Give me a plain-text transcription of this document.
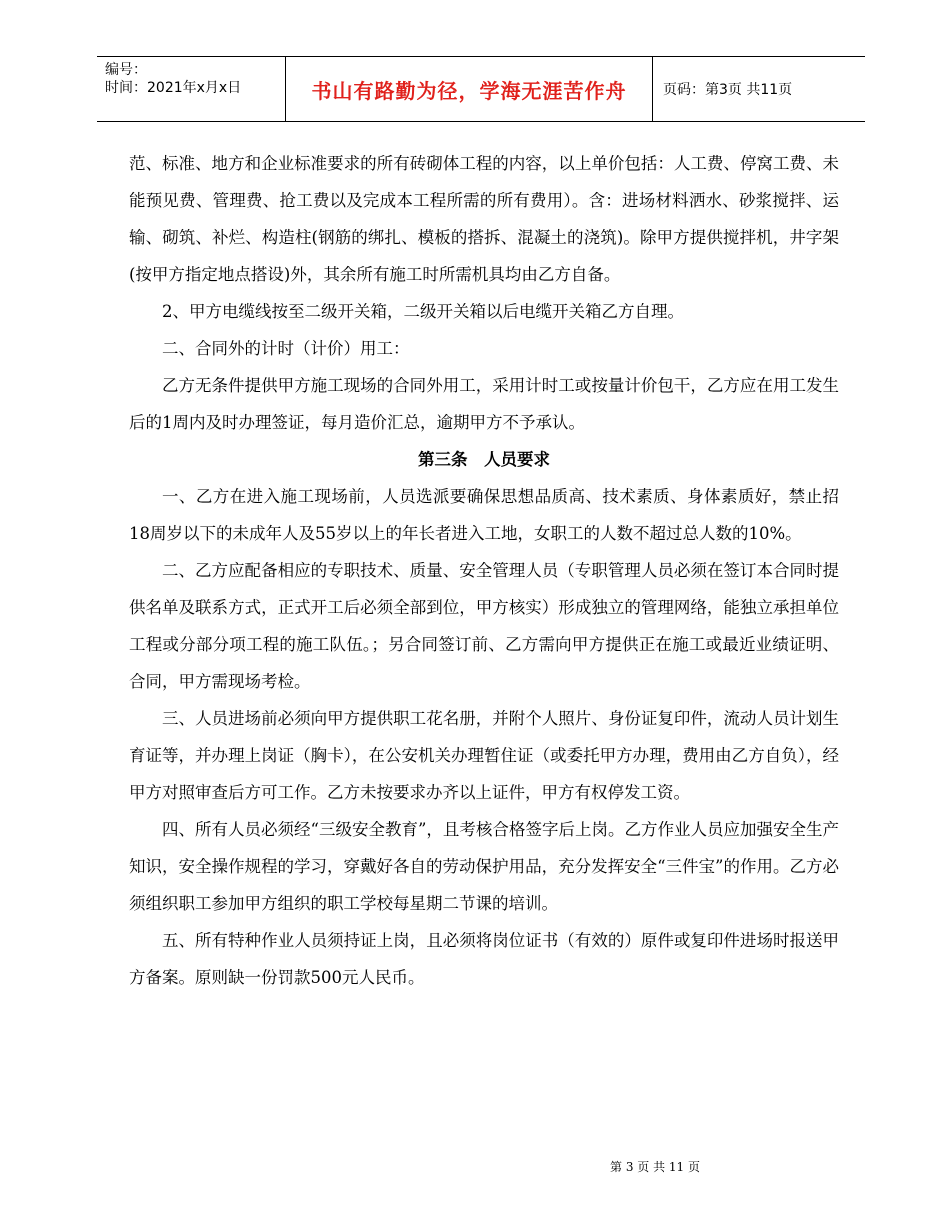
编号：
时间：2021年x月x日	书山有路勤为径，学海无涯苦作舟	页码：第3页 共11页

范、标准、地方和企业标准要求的所有砖砌体工程的内容，以上单价包括：人工费、停窝工费、未能预见费、管理费、抢工费以及完成本工程所需的所有费用）。含：进场材料洒水、砂浆搅拌、运输、砌筑、补烂、构造柱(钢筋的绑扎、模板的搭拆、混凝土的浇筑)。除甲方提供搅拌机，井字架(按甲方指定地点搭设)外，其余所有施工时所需机具均由乙方自备。

2、甲方电缆线按至二级开关箱，二级开关箱以后电缆开关箱乙方自理。

二、合同外的计时（计价）用工：

乙方无条件提供甲方施工现场的合同外用工，采用计时工或按量计价包干，乙方应在用工发生后的1周内及时办理签证，每月造价汇总，逾期甲方不予承认。

第三条　人员要求

一、乙方在进入施工现场前，人员选派要确保思想品质高、技术素质、身体素质好，禁止招18周岁以下的未成年人及55岁以上的年长者进入工地，女职工的人数不超过总人数的10%。

二、乙方应配备相应的专职技术、质量、安全管理人员（专职管理人员必须在签订本合同时提供名单及联系方式，正式开工后必须全部到位，甲方核实）形成独立的管理网络，能独立承担单位工程或分部分项工程的施工队伍。；另合同签订前、乙方需向甲方提供正在施工或最近业绩证明、合同，甲方需现场考检。

三、人员进场前必须向甲方提供职工花名册，并附个人照片、身份证复印件，流动人员计划生育证等，并办理上岗证（胸卡），在公安机关办理暂住证（或委托甲方办理，费用由乙方自负），经甲方对照审查后方可工作。乙方未按要求办齐以上证件，甲方有权停发工资。

四、所有人员必须经“三级安全教育”，且考核合格签字后上岗。乙方作业人员应加强安全生产知识，安全操作规程的学习，穿戴好各自的劳动保护用品，充分发挥安全“三件宝”的作用。乙方必须组织职工参加甲方组织的职工学校每星期二节课的培训。

五、所有特种作业人员须持证上岗，且必须将岗位证书（有效的）原件或复印件进场时报送甲方备案。原则缺一份罚款500元人民币。

第 3 页 共 11 页
